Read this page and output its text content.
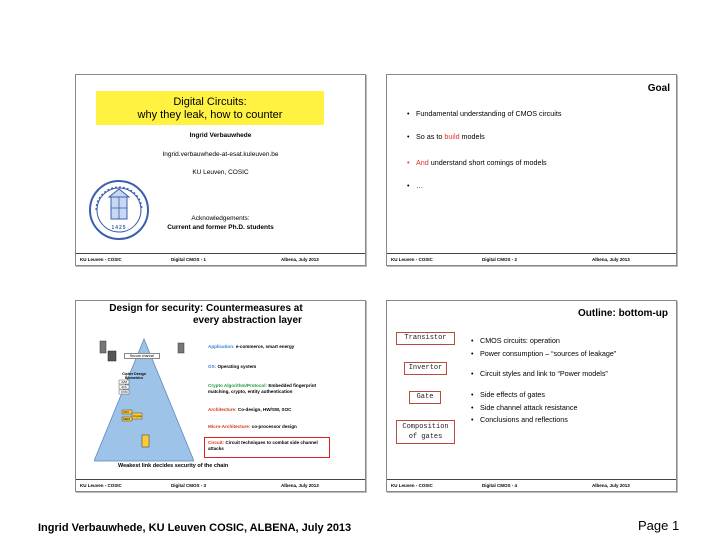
Digital Circuits:
why they leak, how to counter
Ingrid Verbauwhede
Ingrid.verbauwhede-at-esat.kuleuven.be
KU Leuven, COSIC
1425
Acknowledgements:
Current and former Ph.D. students
KU Leuven - COSIC	Digital CMOS - 1	Albena, July 2013
Goal
• Fundamental understanding of CMOS circuits
• So as to build models
• And understand short comings of models
• …
KU Leuven - COSIC	Digital CMOS - 2	Albena, July 2013
Design for security: Countermeasures at
every abstraction layer
Secure channel
Cipher Design Biometrics
JVM
JCA
KVM
CPU
Crypto
MEM
Application: e-commerce, smart energy
OS: Operating system
Crypto Algorithm/Protocol: Embedded fingerprint matching, crypto, entity authentication
Architecture: Co-design, HW/SW, SOC
Micro-Architecture: co-processor design
Circuit: Circuit techniques to combat side channel attacks
Weakest link decides security of the chain
KU Leuven - COSIC	Digital CMOS - 3	Albena, July 2013
Outline: bottom-up
Transistor
Invertor
Gate
Composition of gates
• CMOS circuits: operation
• Power consumption – “sources of leakage”
• Circuit styles and link to “Power models”
• Side effects of gates
• Side channel attack resistance
• Conclusions and reflections
KU Leuven - COSIC	Digital CMOS - 4	Albena, July 2013
Ingrid Verbauwhede, KU Leuven COSIC, ALBENA, July 2013	Page 1
